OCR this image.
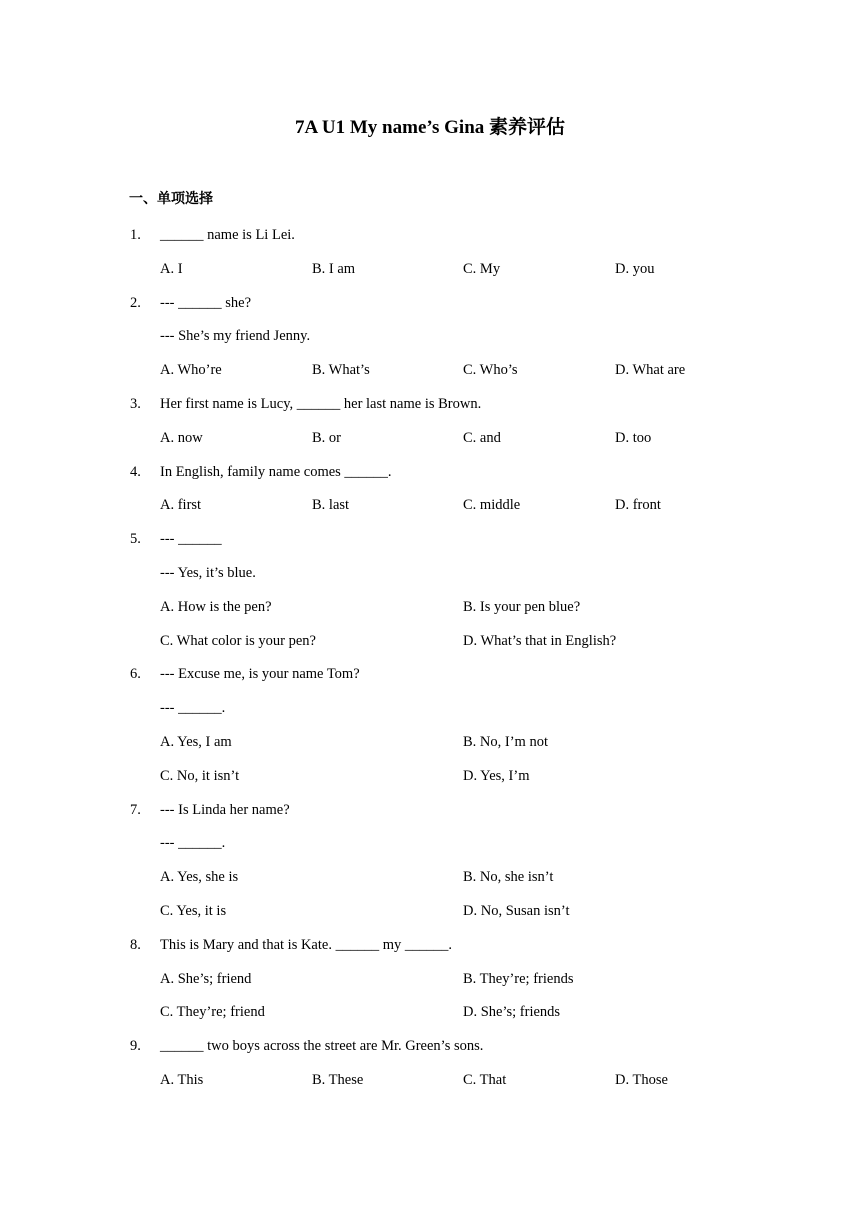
7A U1 My name’s Gina 素养评估
一、单项选择
1. ______ name is Li Lei.
A. I	B. I am	C. My	D. you
2. --- ______ she?
--- She’s my friend Jenny.
A. Who’re	B. What’s	C. Who’s	D. What are
3. Her first name is Lucy, ______ her last name is Brown.
A. now	B. or	C. and	D. too
4. In English, family name comes ______.
A. first	B. last	C. middle	D. front
5. --- ______
--- Yes, it’s blue.
A. How is the pen?	B. Is your pen blue?
C. What color is your pen?	D. What’s that in English?
6. --- Excuse me, is your name Tom?
--- ______.
A. Yes, I am	B. No, I’m not
C. No, it isn’t	D. Yes, I’m
7. --- Is Linda her name?
--- ______.
A. Yes, she is	B. No, she isn’t
C. Yes, it is	D. No, Susan isn’t
8. This is Mary and that is Kate. ______ my ______.
A. She’s; friend	B. They’re; friends
C. They’re; friend	D. She’s; friends
9. ______ two boys across the street are Mr. Green’s sons.
A. This	B. These	C. That	D. Those
